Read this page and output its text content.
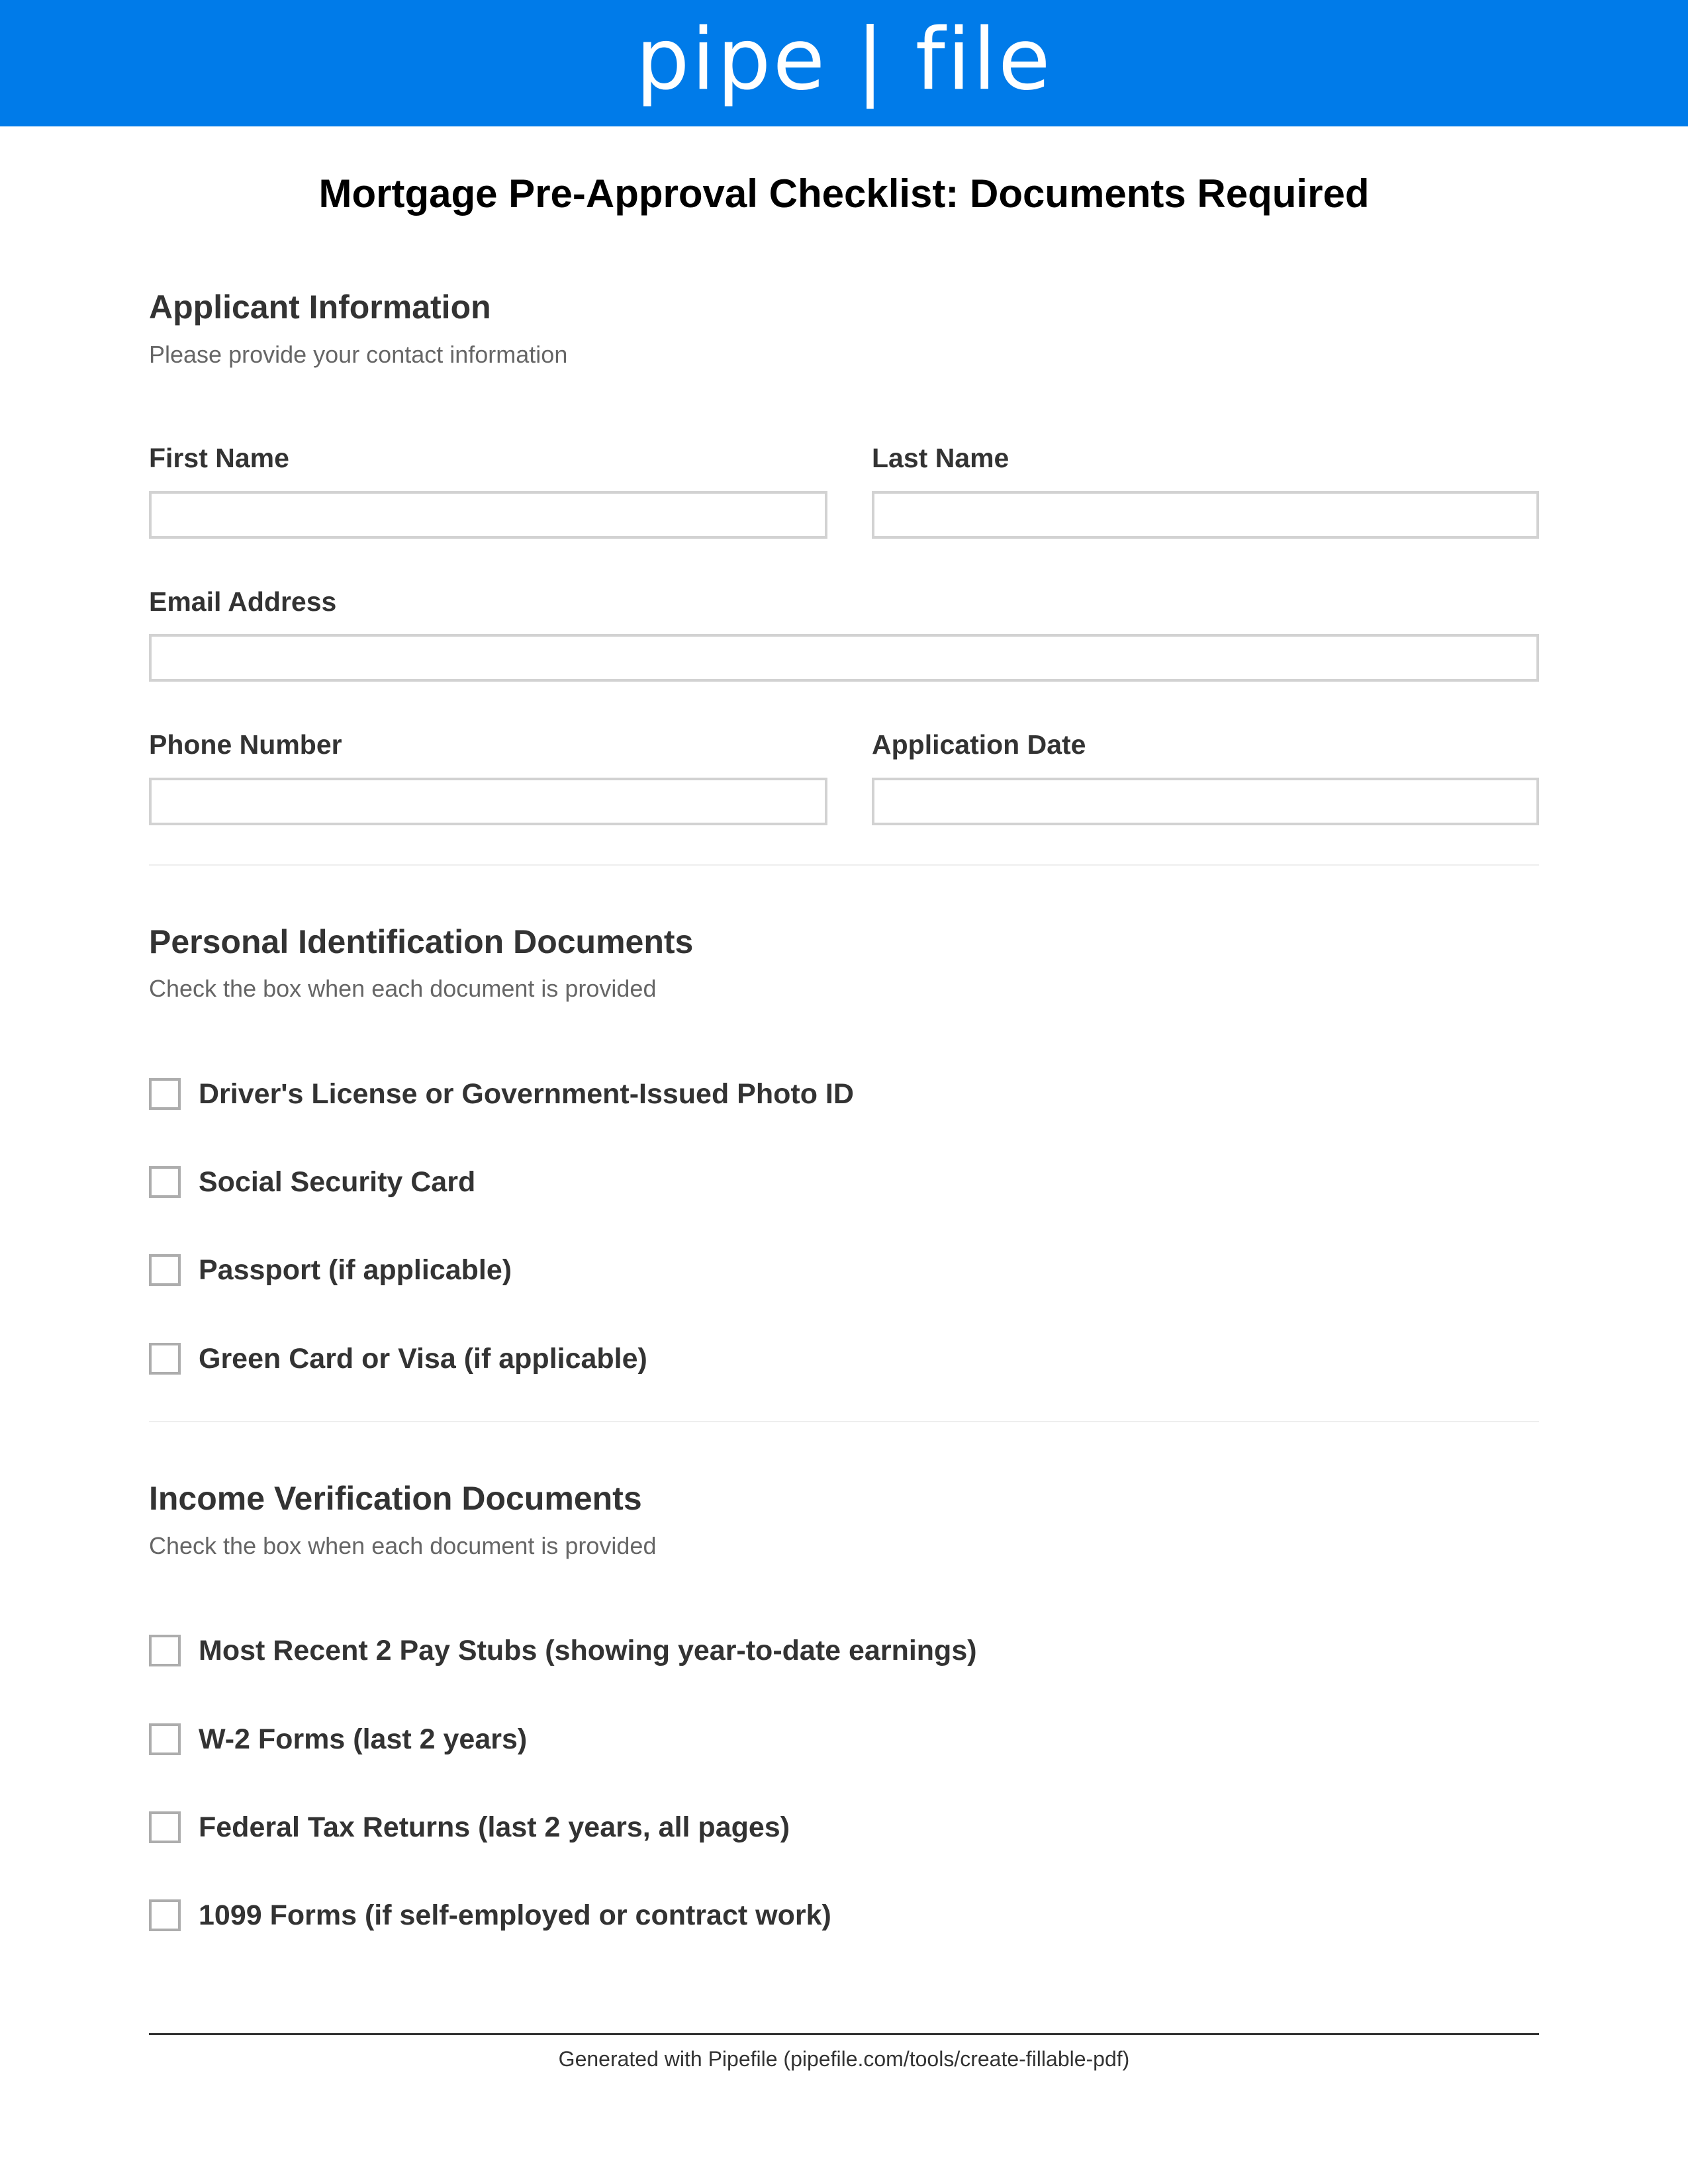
pipe | file
Mortgage Pre-Approval Checklist: Documents Required
Applicant Information

Please provide your contact information

First Name	Last Name
Email Address
Phone Number	Application Date
Personal Identification Documents

Check the box when each document is provided

Driver's License or Government-Issued Photo ID
Social Security Card
Passport (if applicable)
Green Card or Visa (if applicable)
Income Verification Documents

Check the box when each document is provided

Most Recent 2 Pay Stubs (showing year-to-date earnings)
W-2 Forms (last 2 years)
Federal Tax Returns (last 2 years, all pages)
1099 Forms (if self-employed or contract work)
Generated with Pipefile (pipefile.com/tools/create-fillable-pdf)
